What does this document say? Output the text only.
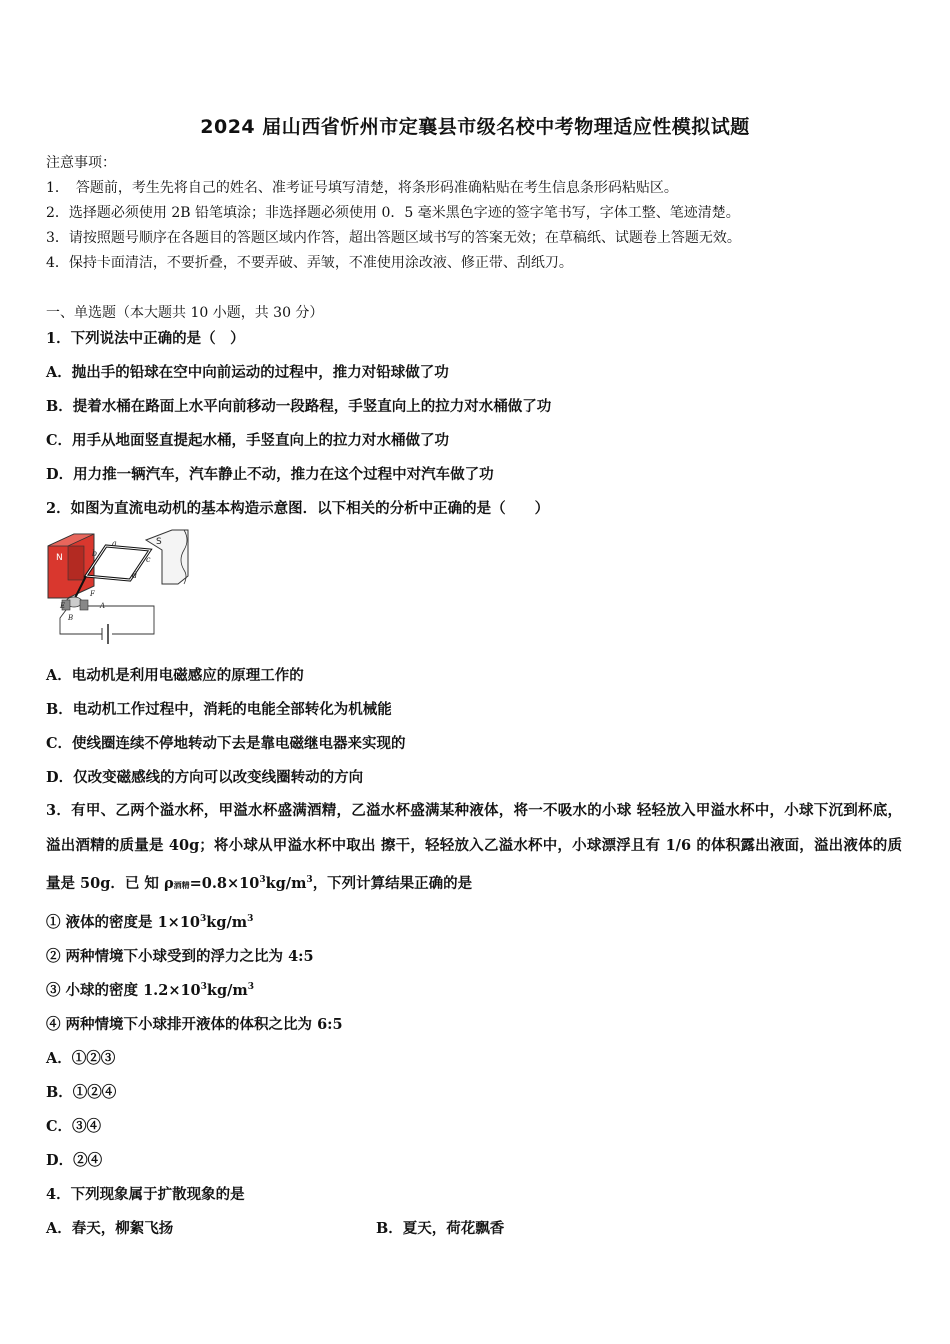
2024 届山西省忻州市定襄县市级名校中考物理适应性模拟试题
注意事项：
1．　答题前，考生先将自己的姓名、准考证号填写清楚，将条形码准确粘贴在考生信息条形码粘贴区。
2．选择题必须使用 2B 铅笔填涂；非选择题必须使用 0．5 毫米黑色字迹的签字笔书写，字体工整、笔迹清楚。
3．请按照题号顺序在各题目的答题区域内作答，超出答题区域书写的答案无效；在草稿纸、试题卷上答题无效。
4．保持卡面清洁，不要折叠，不要弄破、弄皱，不准使用涂改液、修正带、刮纸刀。
一、单选题（本大题共 10 小题，共 30 分）
1．下列说法中正确的是（　）
A．抛出手的铅球在空中向前运动的过程中，推力对铅球做了功
B．提着水桶在路面上水平向前移动一段路程，手竖直向上的拉力对水桶做了功
C．用手从地面竖直提起水桶，手竖直向上的拉力对水桶做了功
D．用力推一辆汽车，汽车静止不动，推力在这个过程中对汽车做了功
2．如图为直流电动机的基本构造示意图．以下相关的分析中正确的是（　　）
N
S
a
b
c
d
E
F
B
A
A．电动机是利用电磁感应的原理工作的
B．电动机工作过程中，消耗的电能全部转化为机械能
C．使线圈连续不停地转动下去是靠电磁继电器来实现的
D．仅改变磁感线的方向可以改变线圈转动的方向
3．有甲、乙两个溢水杯，甲溢水杯盛满酒精，乙溢水杯盛满某种液体，将一不吸水的小球 轻轻放入甲溢水杯中，小球下沉到杯底，溢出酒精的质量是 40g；将小球从甲溢水杯中取出 擦干，轻轻放入乙溢水杯中，小球漂浮且有 1/6 的体积露出液面，溢出液体的质量是 50g．已 知 ρ酒精$=0.8\times 10^3kg/m^3$，下列计算结果正确的是
① 液体的密度是 $1\times 10^3kg/m^3$
② 两种情境下小球受到的浮力之比为 4:5
③ 小球的密度 $1.2\times 10^3kg/m^3$
④ 两种情境下小球排开液体的体积之比为 6:5
A．①②③
B．①②④
C．③④
D．②④
4．下列现象属于扩散现象的是
A．春天，柳絮飞扬	B．夏天，荷花飘香
